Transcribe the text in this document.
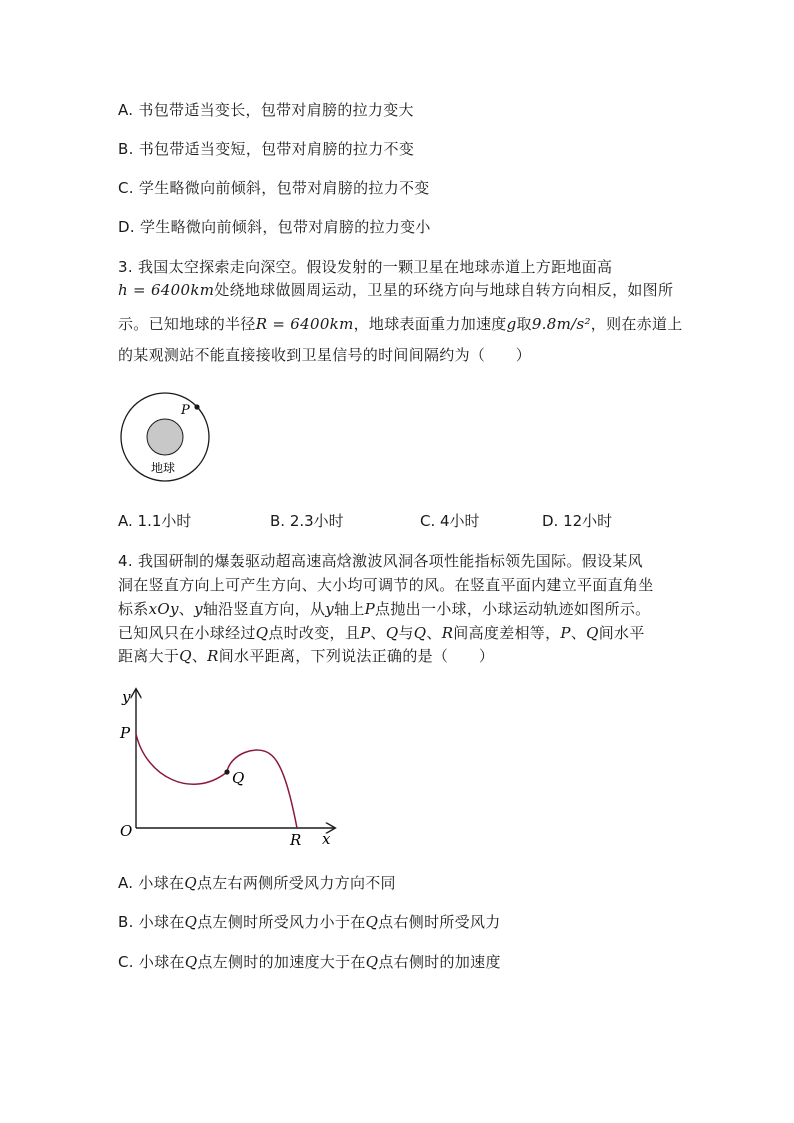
A. 书包带适当变长，包带对肩膀的拉力变大
B. 书包带适当变短，包带对肩膀的拉力不变
C. 学生略微向前倾斜，包带对肩膀的拉力不变
D. 学生略微向前倾斜，包带对肩膀的拉力变小
3. 我国太空探索走向深空。假设发射的一颗卫星在地球赤道上方距地面高
h = 6400km处绕地球做圆周运动，卫星的环绕方向与地球自转方向相反，如图所
示。已知地球的半径R = 6400km，地球表面重力加速度g取9.8m/s²，则在赤道上
的某观测站不能直接接收到卫星信号的时间间隔约为（　　）
P
地球
A. 1.1小时	B. 2.3小时	C. 4小时	D. 12小时
4. 我国研制的爆轰驱动超高速高焓激波风洞各项性能指标领先国际。假设某风
洞在竖直方向上可产生方向、大小均可调节的风。在竖直平面内建立平面直角坐
标系xOy、y轴沿竖直方向，从y轴上P点抛出一小球，小球运动轨迹如图所示。
已知风只在小球经过Q点时改变，且P、Q与Q、R间高度差相等，P、Q间水平
距离大于Q、R间水平距离，下列说法正确的是（　　）
y
x
O
P
Q
R
A. 小球在Q点左右两侧所受风力方向不同
B. 小球在Q点左侧时所受风力小于在Q点右侧时所受风力
C. 小球在Q点左侧时的加速度大于在Q点右侧时的加速度
